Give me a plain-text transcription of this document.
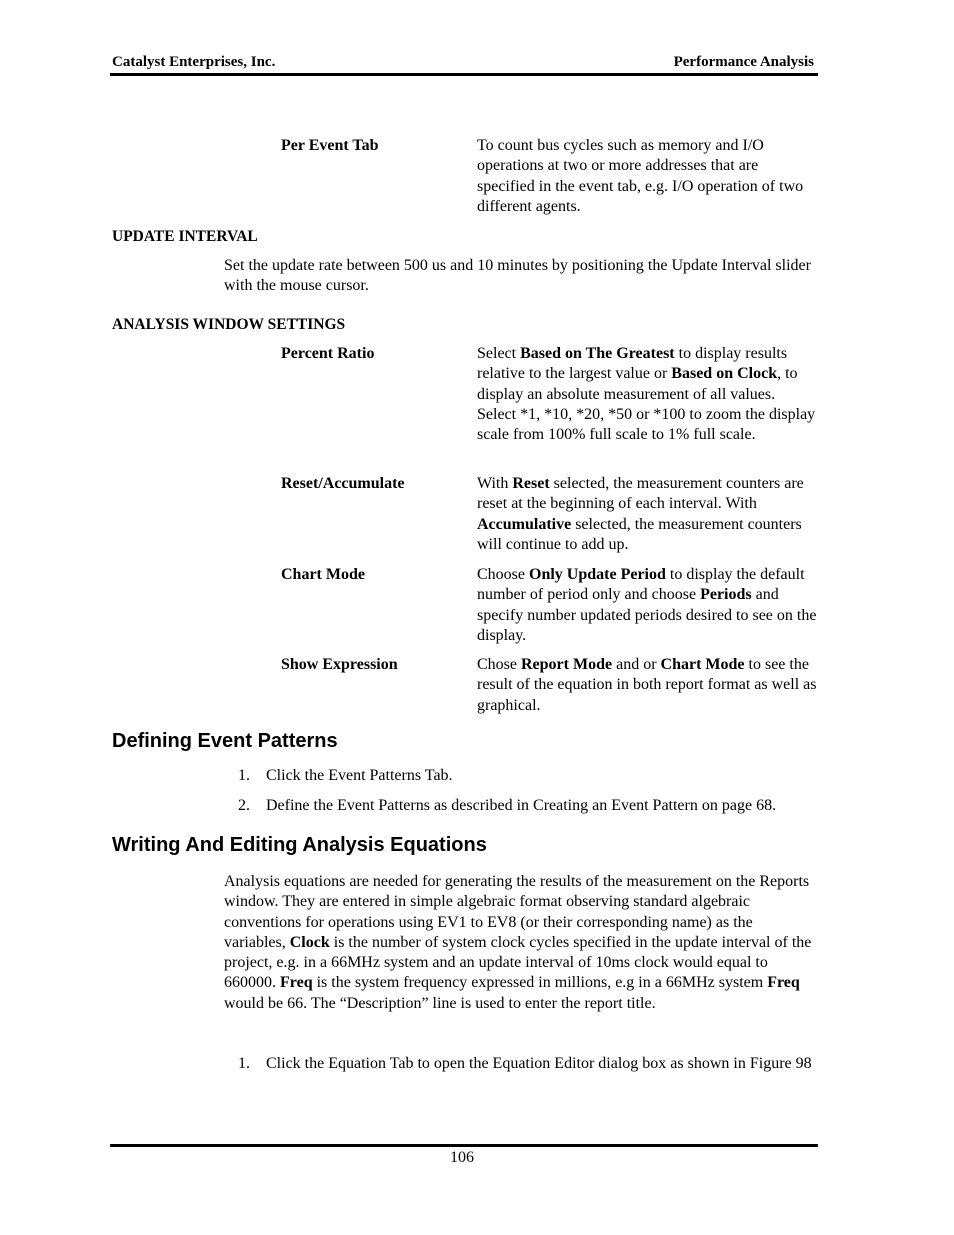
Catalyst Enterprises, Inc.	Performance Analysis
Per Event Tab	To count bus cycles such as memory and I/O operations at two or more addresses that are specified in the event tab, e.g. I/O operation of two different agents.
UPDATE INTERVAL
Set the update rate between 500 us and 10 minutes by positioning the Update Interval slider with the mouse cursor.
ANALYSIS WINDOW SETTINGS
Percent Ratio	Select Based on The Greatest to display results relative to the largest value or Based on Clock, to display an absolute measurement of all values. Select *1, *10, *20, *50 or *100 to zoom the display scale from 100% full scale to 1% full scale.
Reset/Accumulate	With Reset selected, the measurement counters are reset at the beginning of each interval. With Accumulative selected, the measurement counters will continue to add up.
Chart Mode	Choose Only Update Period to display the default number of period only and choose Periods and specify number updated periods desired to see on the display.
Show Expression	Chose Report Mode and or Chart Mode to see the result of the equation in both report format as well as graphical.
Defining Event Patterns
1. Click the Event Patterns Tab.
2. Define the Event Patterns as described in Creating an Event Pattern on page 68.
Writing And Editing Analysis Equations
Analysis equations are needed for generating the results of the measurement on the Reports window. They are entered in simple algebraic format observing standard algebraic conventions for operations using EV1 to EV8 (or their corresponding name) as the variables, Clock is the number of system clock cycles specified in the update interval of the project, e.g. in a 66MHz system and an update interval of 10ms clock would equal to 660000. Freq is the system frequency expressed in millions, e.g in a 66MHz system Freq would be 66. The “Description” line is used to enter the report title.
1. Click the Equation Tab to open the Equation Editor dialog box as shown in Figure 98
106
